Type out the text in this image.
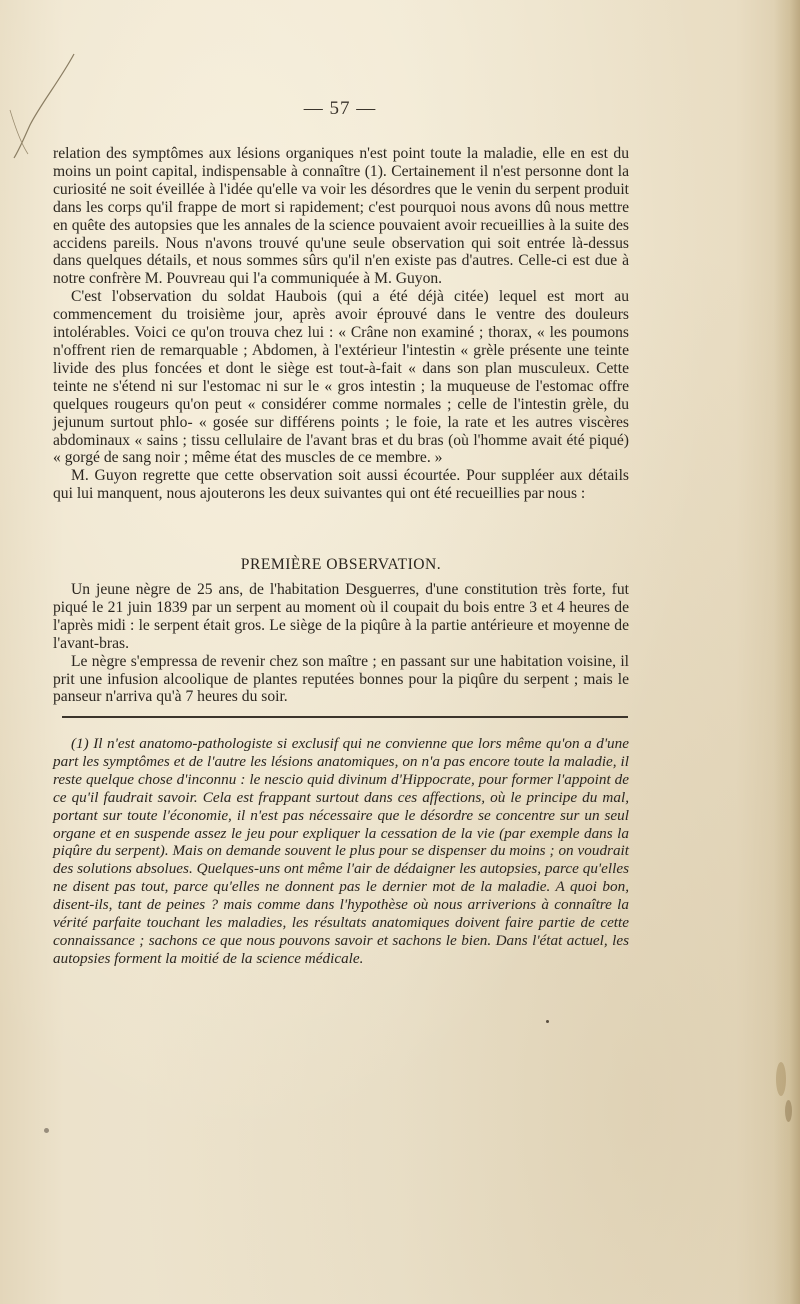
— 57 —

relation des symptômes aux lésions organiques n'est point toute la maladie, elle en est du moins un point capital, indispensable à connaître (1). Certainement il n'est personne dont la curiosité ne soit éveillée à l'idée qu'elle va voir les désordres que le venin du serpent produit dans les corps qu'il frappe de mort si rapidement; c'est pourquoi nous avons dû nous mettre en quête des autopsies que les annales de la science pouvaient avoir recueillies à la suite des accidens pareils. Nous n'avons trouvé qu'une seule observation qui soit entrée là-dessus dans quelques détails, et nous sommes sûrs qu'il n'en existe pas d'autres. Celle-ci est due à notre confrère M. Pouvreau qui l'a communiquée à M. Guyon.

C'est l'observation du soldat Haubois (qui a été déjà citée) lequel est mort au commencement du troisième jour, après avoir éprouvé dans le ventre des douleurs intolérables. Voici ce qu'on trouva chez lui : « Crâne non examiné ; thorax, « les poumons n'offrent rien de remarquable ; Abdomen, à l'extérieur l'intestin « grèle présente une teinte livide des plus foncées et dont le siège est tout-à-fait « dans son plan musculeux. Cette teinte ne s'étend ni sur l'estomac ni sur le « gros intestin ; la muqueuse de l'estomac offre quelques rougeurs qu'on peut « considérer comme normales ; celle de l'intestin grèle, du jejunum surtout phlo- « gosée sur différens points ; le foie, la rate et les autres viscères abdominaux « sains ; tissu cellulaire de l'avant bras et du bras (où l'homme avait été piqué) « gorgé de sang noir ; même état des muscles de ce membre. »

M. Guyon regrette que cette observation soit aussi écourtée. Pour suppléer aux détails qui lui manquent, nous ajouterons les deux suivantes qui ont été recueillies par nous :

PREMIÈRE OBSERVATION.

Un jeune nègre de 25 ans, de l'habitation Desguerres, d'une constitution très forte, fut piqué le 21 juin 1839 par un serpent au moment où il coupait du bois entre 3 et 4 heures de l'après midi : le serpent était gros. Le siège de la piqûre à la partie antérieure et moyenne de l'avant-bras.

Le nègre s'empressa de revenir chez son maître ; en passant sur une habitation voisine, il prit une infusion alcoolique de plantes reputées bonnes pour la piqûre du serpent ; mais le panseur n'arriva qu'à 7 heures du soir.

(1) Il n'est anatomo-pathologiste si exclusif qui ne convienne que lors même qu'on a d'une part les symptômes et de l'autre les lésions anatomiques, on n'a pas encore toute la maladie, il reste quelque chose d'inconnu : le nescio quid divinum d'Hippocrate, pour former l'appoint de ce qu'il faudrait savoir. Cela est frappant surtout dans ces affections, où le principe du mal, portant sur toute l'économie, il n'est pas nécessaire que le désordre se concentre sur un seul organe et en suspende assez le jeu pour expliquer la cessation de la vie (par exemple dans la piqûre du serpent). Mais on demande souvent le plus pour se dispenser du moins ; on voudrait des solutions absolues. Quelques-uns ont même l'air de dédaigner les autopsies, parce qu'elles ne disent pas tout, parce qu'elles ne donnent pas le dernier mot de la maladie. A quoi bon, disent-ils, tant de peines ? mais comme dans l'hypothèse où nous arriverions à connaître la vérité parfaite touchant les maladies, les résultats anatomiques doivent faire partie de cette connaissance ; sachons ce que nous pouvons savoir et sachons le bien. Dans l'état actuel, les autopsies forment la moitié de la science médicale.
